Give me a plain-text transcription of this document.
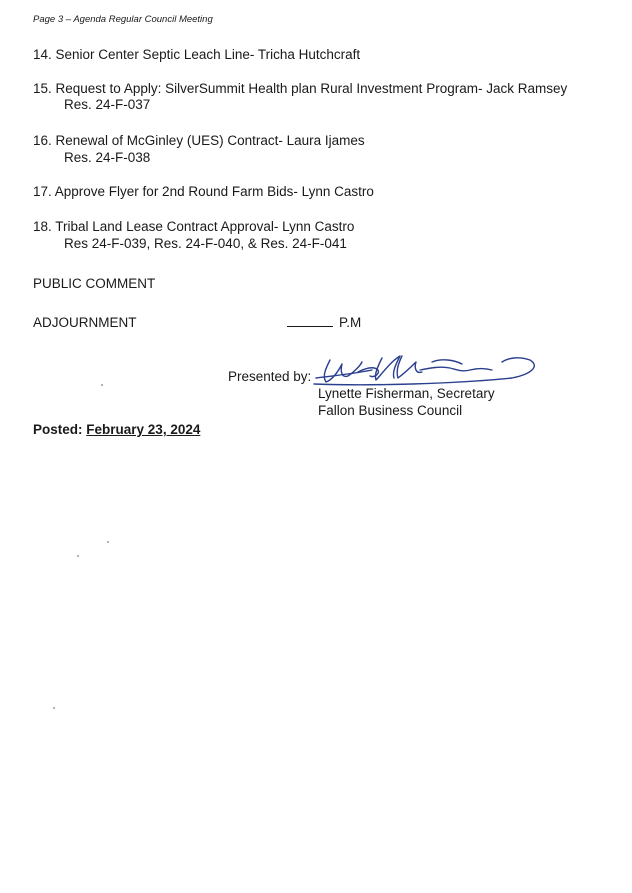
Page 3 – Agenda Regular Council Meeting
14. Senior Center Septic Leach Line- Tricha Hutchcraft
15. Request to Apply: SilverSummit Health plan Rural Investment Program- Jack Ramsey
Res. 24-F-037
16. Renewal of McGinley (UES) Contract- Laura Ijames
Res. 24-F-038
17. Approve Flyer for 2nd Round Farm Bids- Lynn Castro
18. Tribal Land Lease Contract Approval- Lynn Castro
Res 24-F-039, Res. 24-F-040, & Res. 24-F-041
PUBLIC COMMENT
ADJOURNMENT	P.M
Presented by:
Lynette Fisherman, Secretary
Fallon Business Council
Posted: February 23, 2024
